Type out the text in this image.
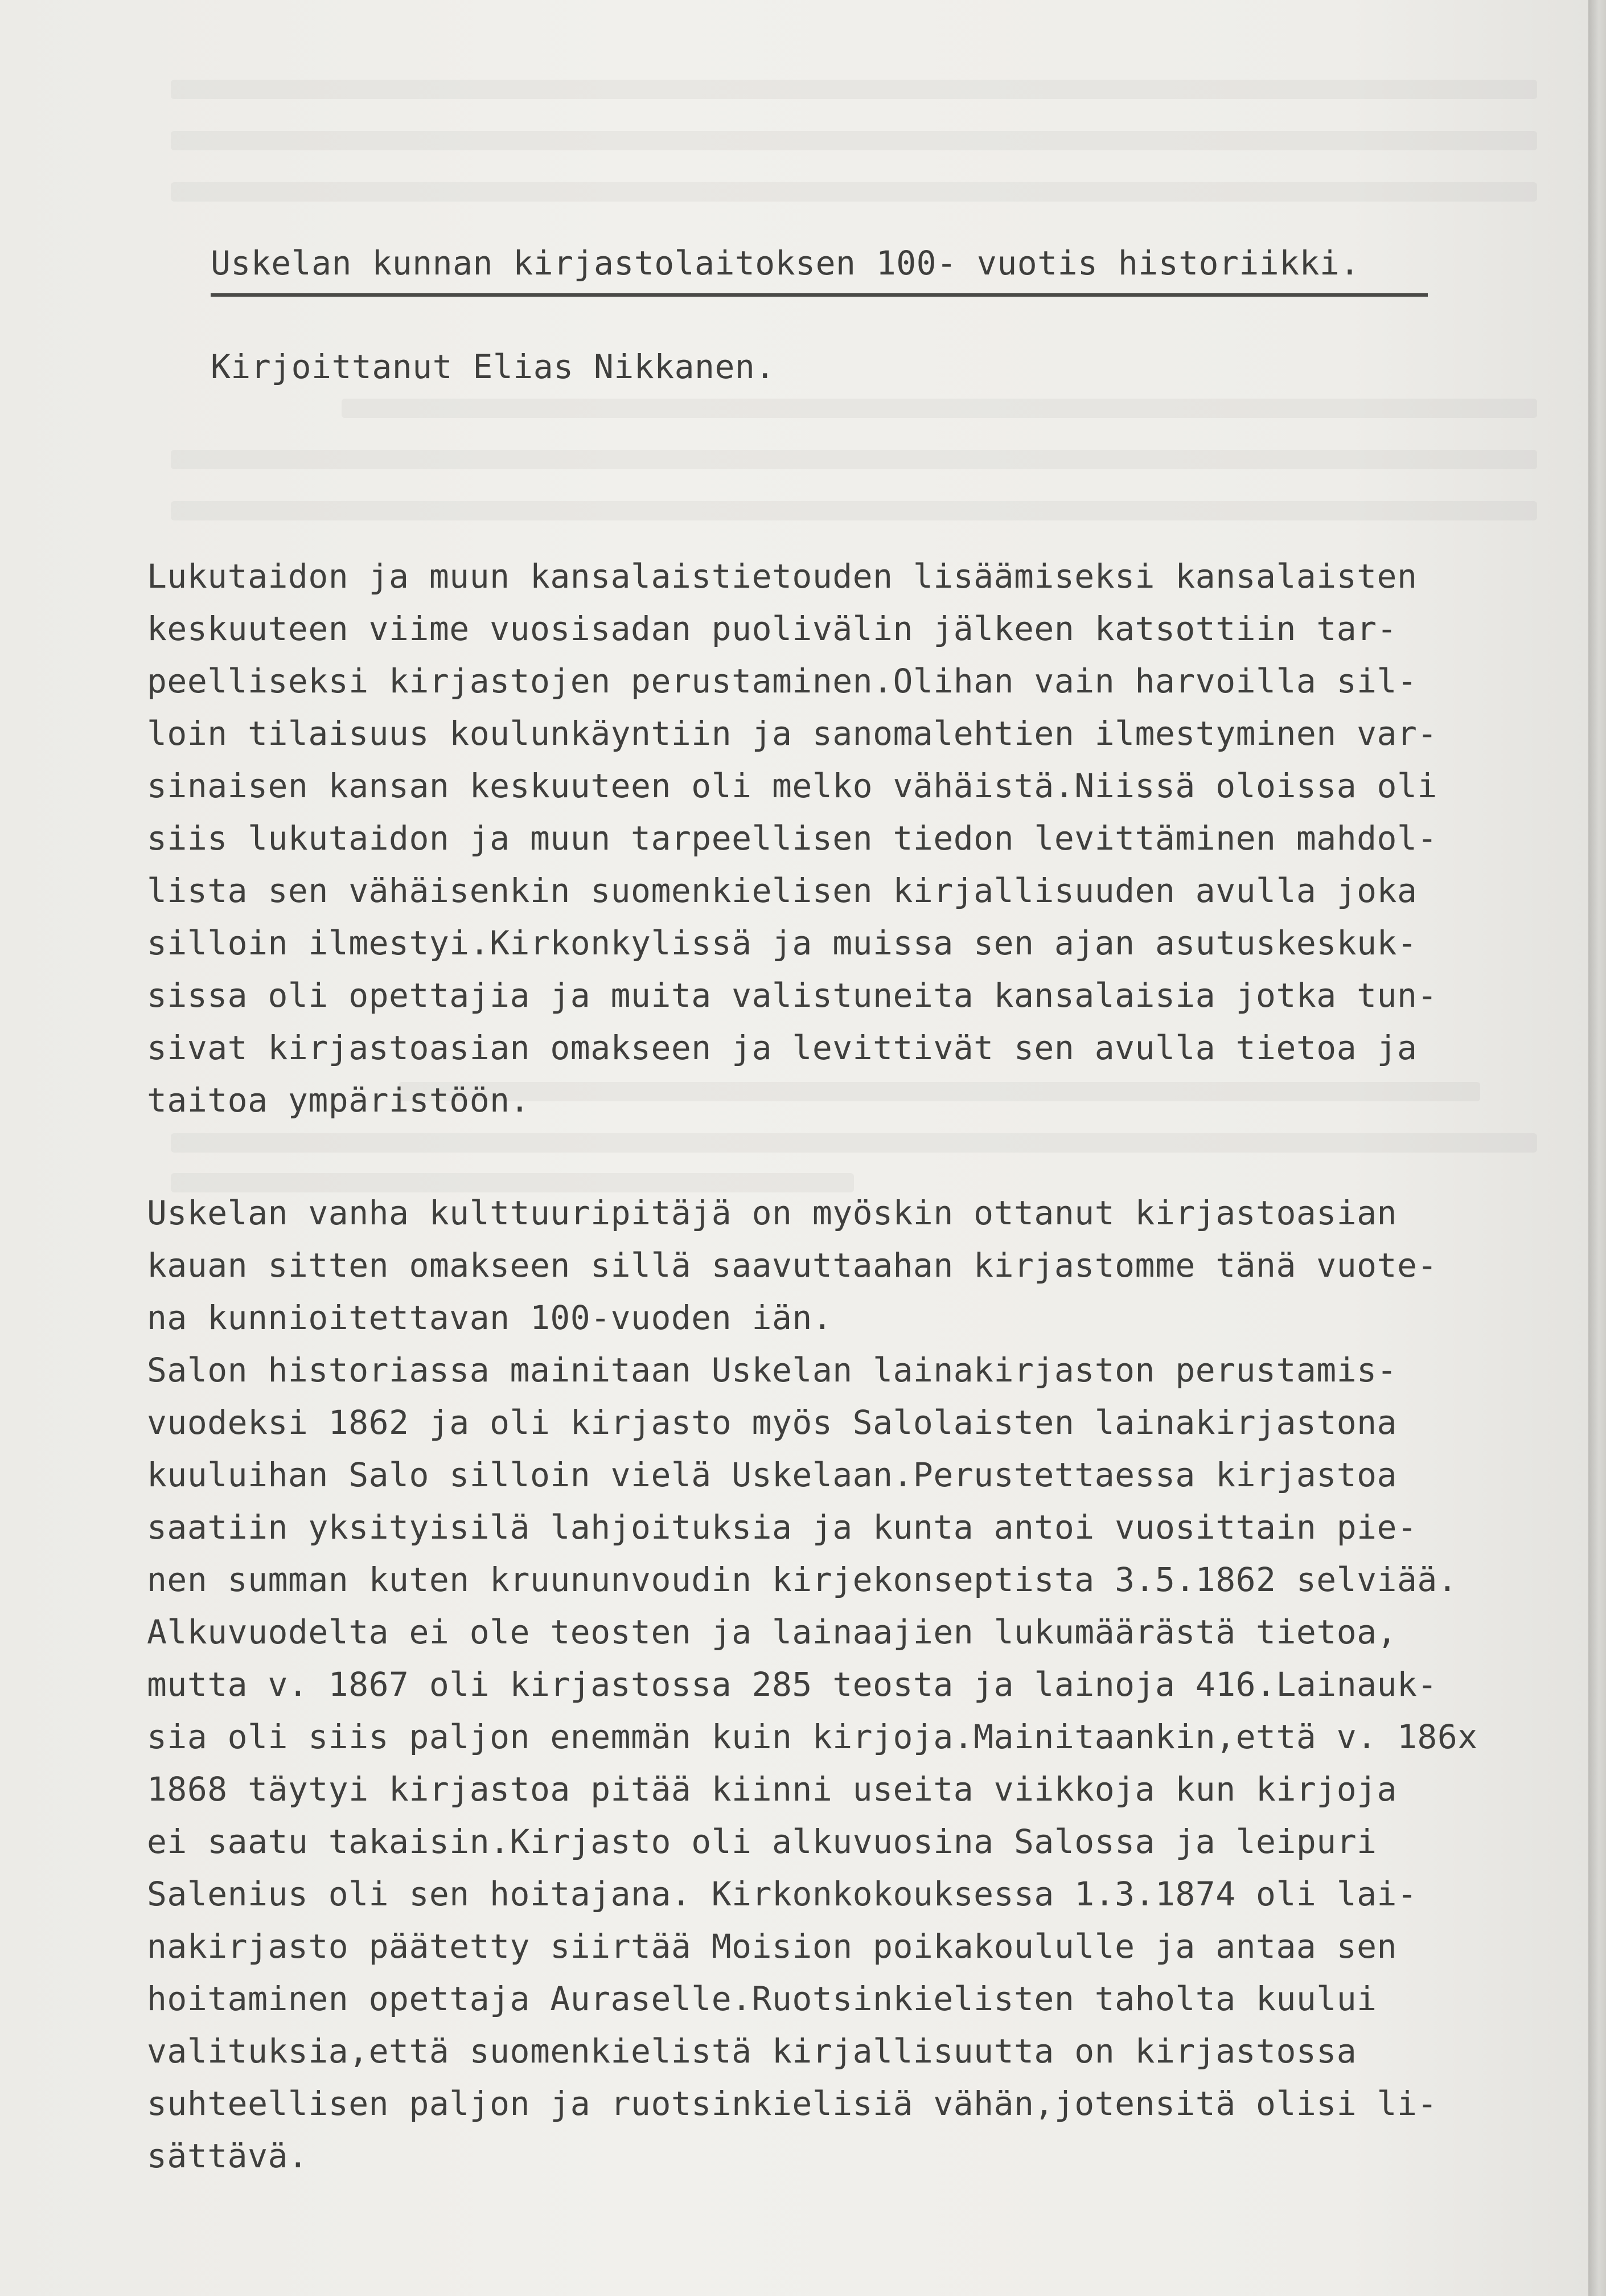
Uskelan kunnan kirjastolaitoksen 100- vuotis historiikki.
Kirjoittanut Elias Nikkanen.
Lukutaidon ja muun kansalaistietouden lisäämiseksi kansalaisten
keskuuteen viime vuosisadan puolivälin jälkeen katsottiin tar-
peelliseksi kirjastojen perustaminen.Olihan vain harvoilla sil-
loin tilaisuus koulunkäyntiin ja sanomalehtien ilmestyminen var-
sinaisen kansan keskuuteen oli melko vähäistä.Niissä oloissa oli
siis lukutaidon ja muun tarpeellisen tiedon levittäminen mahdol-
lista sen vähäisenkin suomenkielisen kirjallisuuden avulla joka
silloin ilmestyi.Kirkonkylissä ja muissa sen ajan asutuskeskuk-
sissa oli opettajia ja muita valistuneita kansalaisia jotka tun-
sivat kirjastoasian omakseen ja levittivät sen avulla tietoa ja
taitoa ympäristöön.
Uskelan vanha kulttuuripitäjä on myöskin ottanut kirjastoasian
kauan sitten omakseen sillä saavuttaahan kirjastomme tänä vuote-
na kunnioitettavan 100-vuoden iän.
Salon historiassa mainitaan Uskelan lainakirjaston perustamis-
vuodeksi 1862 ja oli kirjasto myös Salolaisten lainakirjastona
kuuluihan Salo silloin vielä Uskelaan.Perustettaessa kirjastoa
saatiin yksityisilä lahjoituksia ja kunta antoi vuosittain pie-
nen summan kuten kruununvoudin kirjekonseptista 3.5.1862 selviää.
Alkuvuodelta ei ole teosten ja lainaajien lukumäärästä tietoa,
mutta v. 1867 oli kirjastossa 285 teosta ja lainoja 416.Lainauk-
sia oli siis paljon enemmän kuin kirjoja.Mainitaankin,että v. 186x
1868 täytyi kirjastoa pitää kiinni useita viikkoja kun kirjoja
ei saatu takaisin.Kirjasto oli alkuvuosina Salossa ja leipuri
Salenius oli sen hoitajana. Kirkonkokouksessa 1.3.1874 oli lai-
nakirjasto päätetty siirtää Moision poikakoululle ja antaa sen
hoitaminen opettaja Auraselle.Ruotsinkielisten taholta kuului
valituksia,että suomenkielistä kirjallisuutta on kirjastossa
suhteellisen paljon ja ruotsinkielisiä vähän,jotensitä olisi li-
sättävä.
